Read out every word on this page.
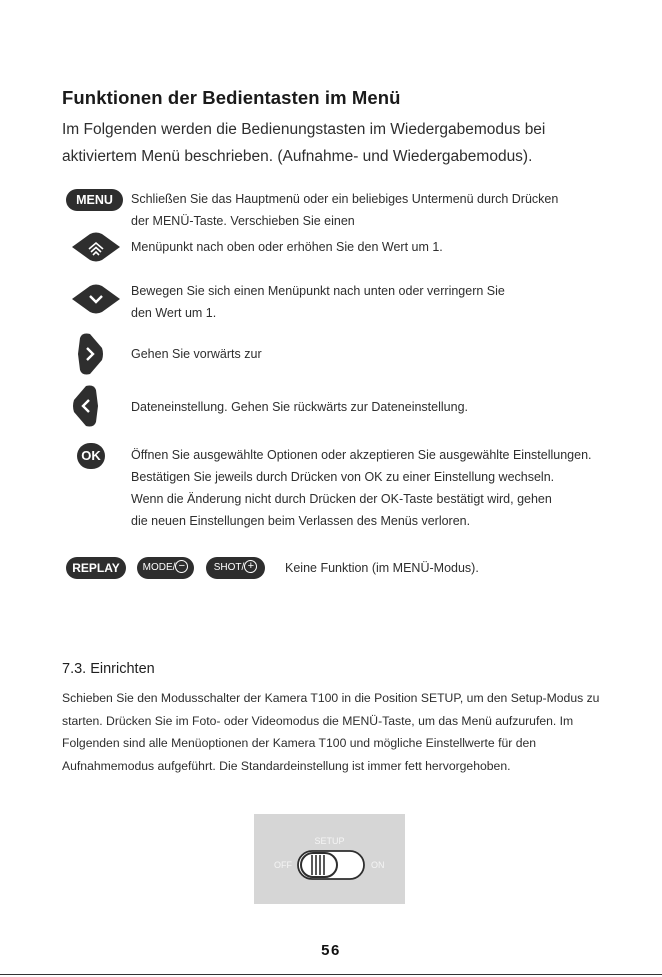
Funktionen der Bedientasten im Menü
Im Folgenden werden die Bedienungstasten im Wiedergabemodus bei aktiviertem Menü beschrieben. (Aufnahme- und Wiedergabemodus).
MENU	Schließen Sie das Hauptmenü oder ein beliebiges Untermenü durch Drücken
der MENÜ-Taste. Verschieben Sie einen
Menüpunkt nach oben oder erhöhen Sie den Wert um 1.
Bewegen Sie sich einen Menüpunkt nach unten oder verringern Sie
den Wert um 1.
Gehen Sie vorwärts zur
Dateneinstellung. Gehen Sie rückwärts zur Dateneinstellung.
OK	Öffnen Sie ausgewählte Optionen oder akzeptieren Sie ausgewählte Einstellungen.
Bestätigen Sie jeweils durch Drücken von OK zu einer Einstellung wechseln.
Wenn die Änderung nicht durch Drücken der OK-Taste bestätigt wird, gehen
die neuen Einstellungen beim Verlassen des Menüs verloren.
REPLAY	MODE/ −	SHOT/ +	Keine Funktion (im MENÜ-Modus).
7.3. Einrichten
Schieben Sie den Modusschalter der Kamera T100 in die Position SETUP, um den Setup-Modus zu starten. Drücken Sie im Foto- oder Videomodus die MENÜ-Taste, um das Menü aufzurufen. Im Folgenden sind alle Menüoptionen der Kamera T100 und mögliche Einstellwerte für den Aufnahmemodus aufgeführt. Die Standardeinstellung ist immer fett hervorgehoben.
SETUP
OFF	ON
56
